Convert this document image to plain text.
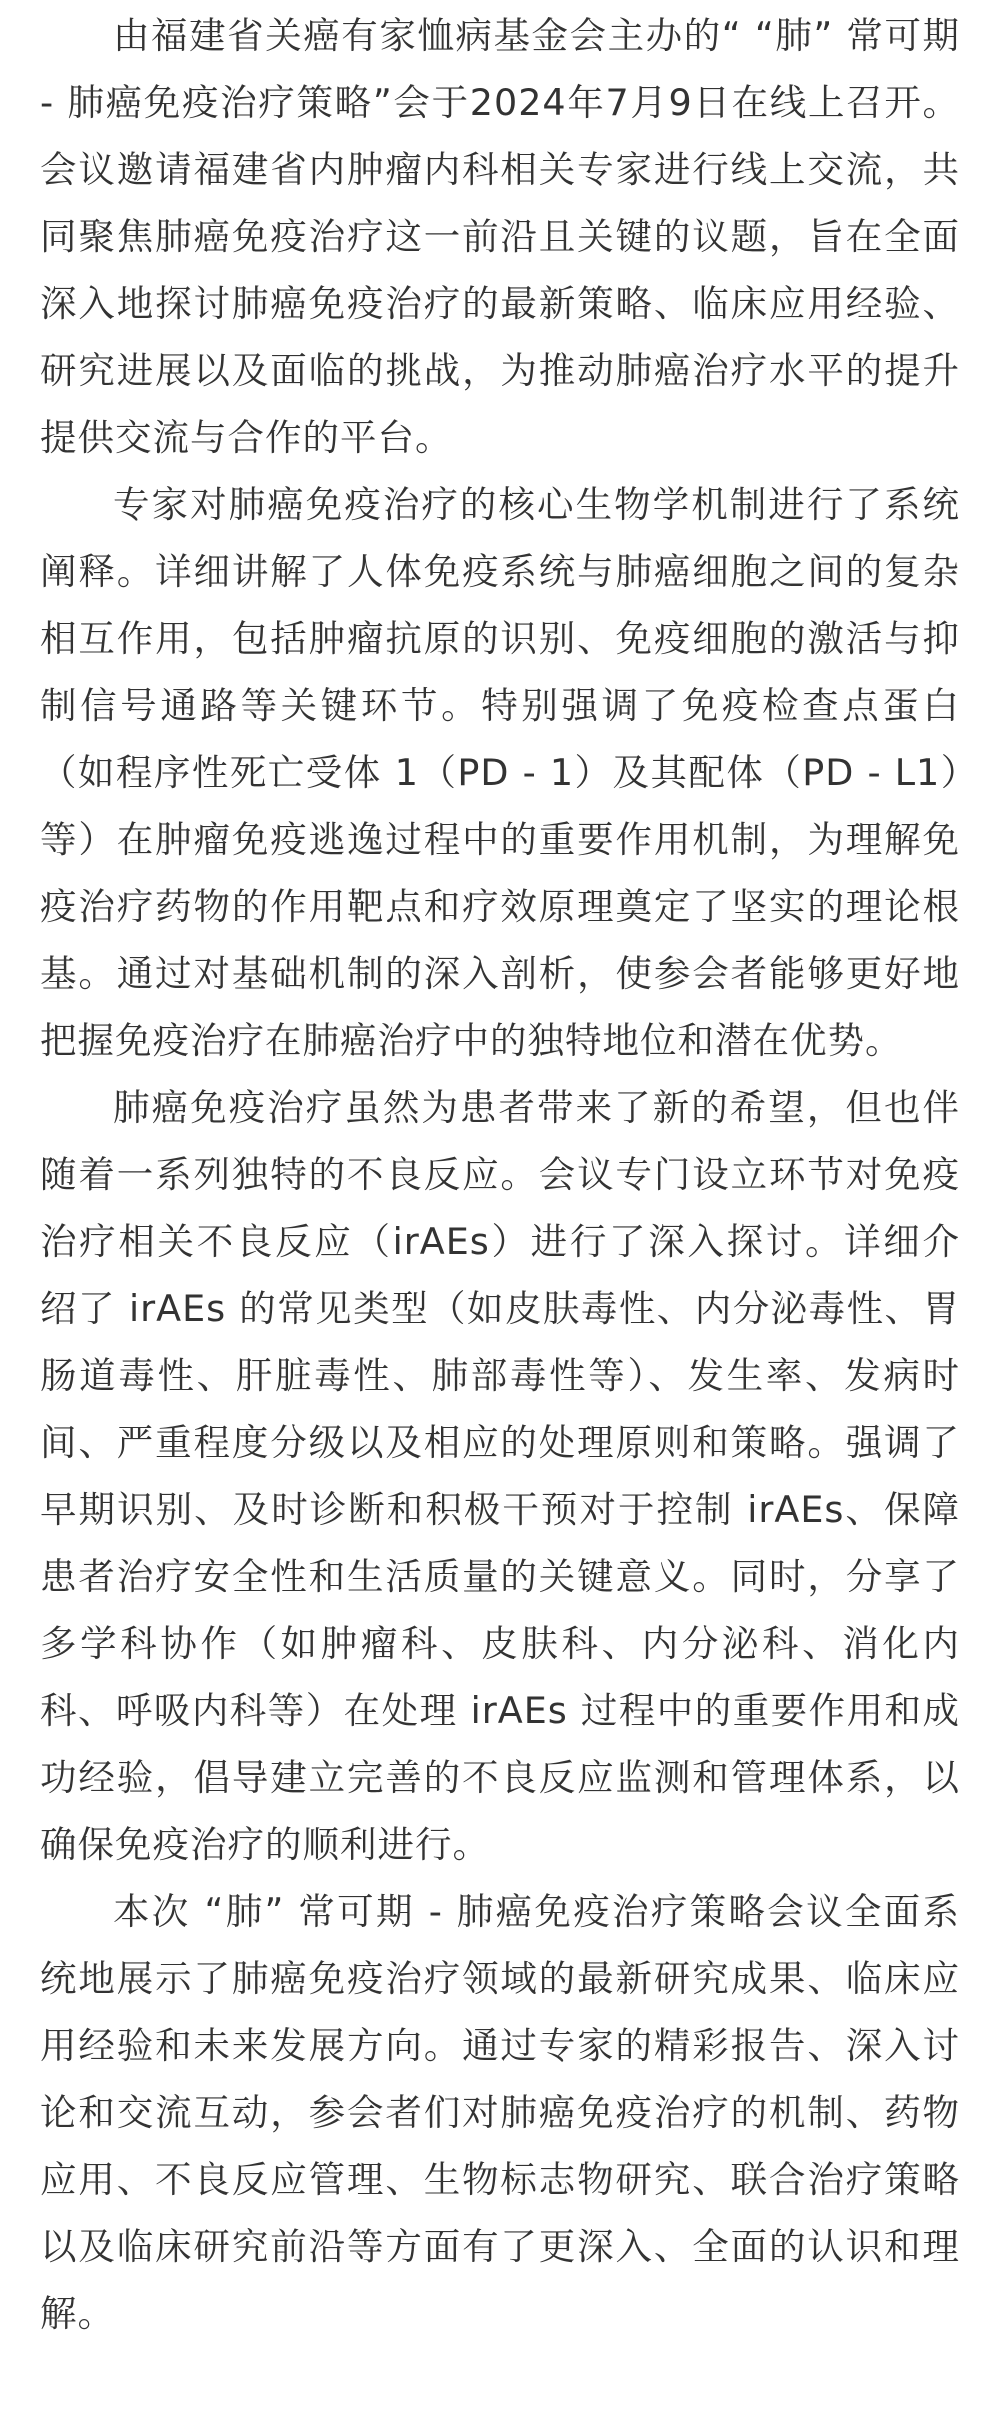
由福建省关癌有家恤病基金会主办的“ “肺” 常可期 - 肺癌免疫治疗策略”会于2024年7月9日在线上召开。会议邀请福建省内肿瘤内科相关专家进行线上交流，共同聚焦肺癌免疫治疗这一前沿且关键的议题，旨在全面深入地探讨肺癌免疫治疗的最新策略、临床应用经验、研究进展以及面临的挑战，为推动肺癌治疗水平的提升提供交流与合作的平台。

专家对肺癌免疫治疗的核心生物学机制进行了系统阐释。详细讲解了人体免疫系统与肺癌细胞之间的复杂相互作用，包括肿瘤抗原的识别、免疫细胞的激活与抑制信号通路等关键环节。特别强调了免疫检查点蛋白（如程序性死亡受体 1（PD - 1）及其配体（PD - L1）等）在肿瘤免疫逃逸过程中的重要作用机制，为理解免疫治疗药物的作用靶点和疗效原理奠定了坚实的理论根基。通过对基础机制的深入剖析，使参会者能够更好地把握免疫治疗在肺癌治疗中的独特地位和潜在优势。

肺癌免疫治疗虽然为患者带来了新的希望，但也伴随着一系列独特的不良反应。会议专门设立环节对免疫治疗相关不良反应（irAEs）进行了深入探讨。详细介绍了 irAEs 的常见类型（如皮肤毒性、内分泌毒性、胃肠道毒性、肝脏毒性、肺部毒性等）、发生率、发病时间、严重程度分级以及相应的处理原则和策略。强调了早期识别、及时诊断和积极干预对于控制 irAEs、保障患者治疗安全性和生活质量的关键意义。同时，分享了多学科协作（如肿瘤科、皮肤科、内分泌科、消化内科、呼吸内科等）在处理 irAEs 过程中的重要作用和成功经验，倡导建立完善的不良反应监测和管理体系，以确保免疫治疗的顺利进行。

本次 “肺” 常可期 - 肺癌免疫治疗策略会议全面系统地展示了肺癌免疫治疗领域的最新研究成果、临床应用经验和未来发展方向。通过专家的精彩报告、深入讨论和交流互动，参会者们对肺癌免疫治疗的机制、药物应用、不良反应管理、生物标志物研究、联合治疗策略以及临床研究前沿等方面有了更深入、全面的认识和理解。
